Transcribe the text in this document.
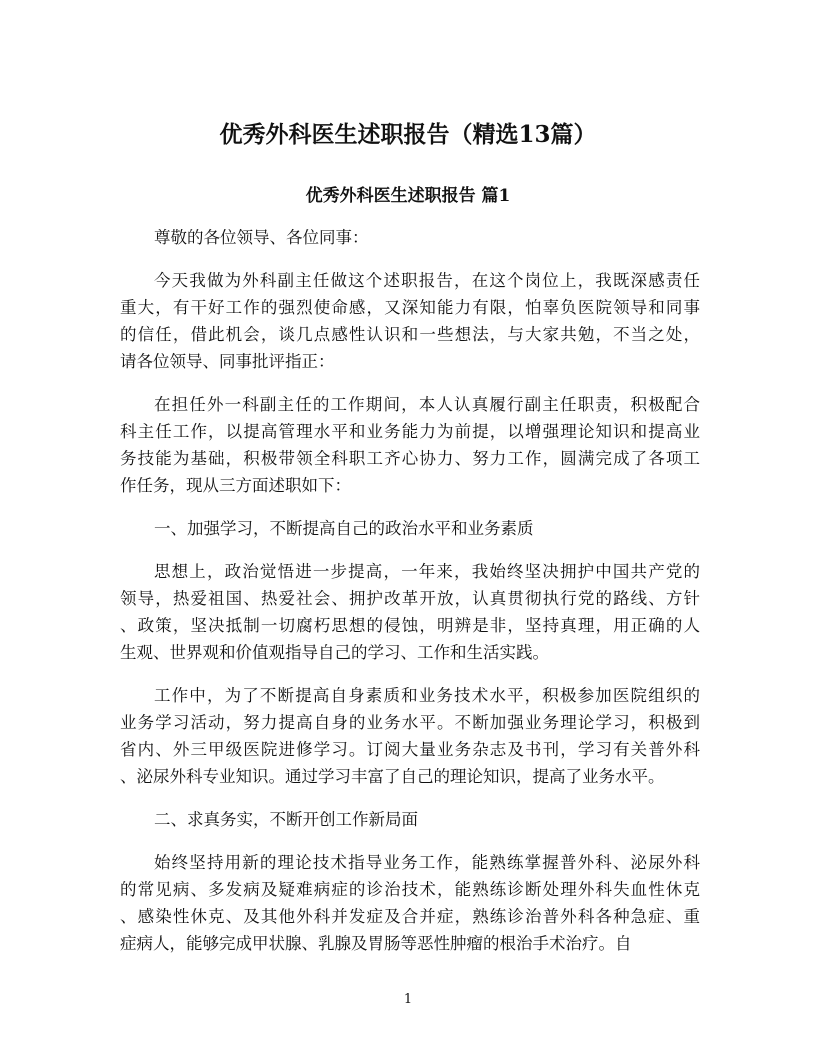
优秀外科医生述职报告（精选13篇）
优秀外科医生述职报告 篇1
尊敬的各位领导、各位同事：
今天我做为外科副主任做这个述职报告，在这个岗位上，我既深感责任
重大，有干好工作的强烈使命感，又深知能力有限，怕辜负医院领导和同事
的信任，借此机会，谈几点感性认识和一些想法，与大家共勉，不当之处，
请各位领导、同事批评指正：
在担任外一科副主任的工作期间，本人认真履行副主任职责，积极配合
科主任工作，以提高管理水平和业务能力为前提，以增强理论知识和提高业
务技能为基础，积极带领全科职工齐心协力、努力工作，圆满完成了各项工
作任务，现从三方面述职如下：
一、加强学习，不断提高自己的政治水平和业务素质
思想上，政治觉悟进一步提高，一年来，我始终坚决拥护中国共产党的
领导，热爱祖国、热爱社会、拥护改革开放，认真贯彻执行党的路线、方针
、政策，坚决抵制一切腐朽思想的侵蚀，明辨是非，坚持真理，用正确的人
生观、世界观和价值观指导自己的学习、工作和生活实践。
工作中，为了不断提高自身素质和业务技术水平，积极参加医院组织的
业务学习活动，努力提高自身的业务水平。不断加强业务理论学习，积极到
省内、外三甲级医院进修学习。订阅大量业务杂志及书刊，学习有关普外科
、泌尿外科专业知识。通过学习丰富了自己的理论知识，提高了业务水平。
二、求真务实，不断开创工作新局面
始终坚持用新的理论技术指导业务工作，能熟练掌握普外科、泌尿外科
的常见病、多发病及疑难病症的诊治技术，能熟练诊断处理外科失血性休克
、感染性休克、及其他外科并发症及合并症，熟练诊治普外科各种急症、重
症病人，能够完成甲状腺、乳腺及胃肠等恶性肿瘤的根治手术治疗。自
1
